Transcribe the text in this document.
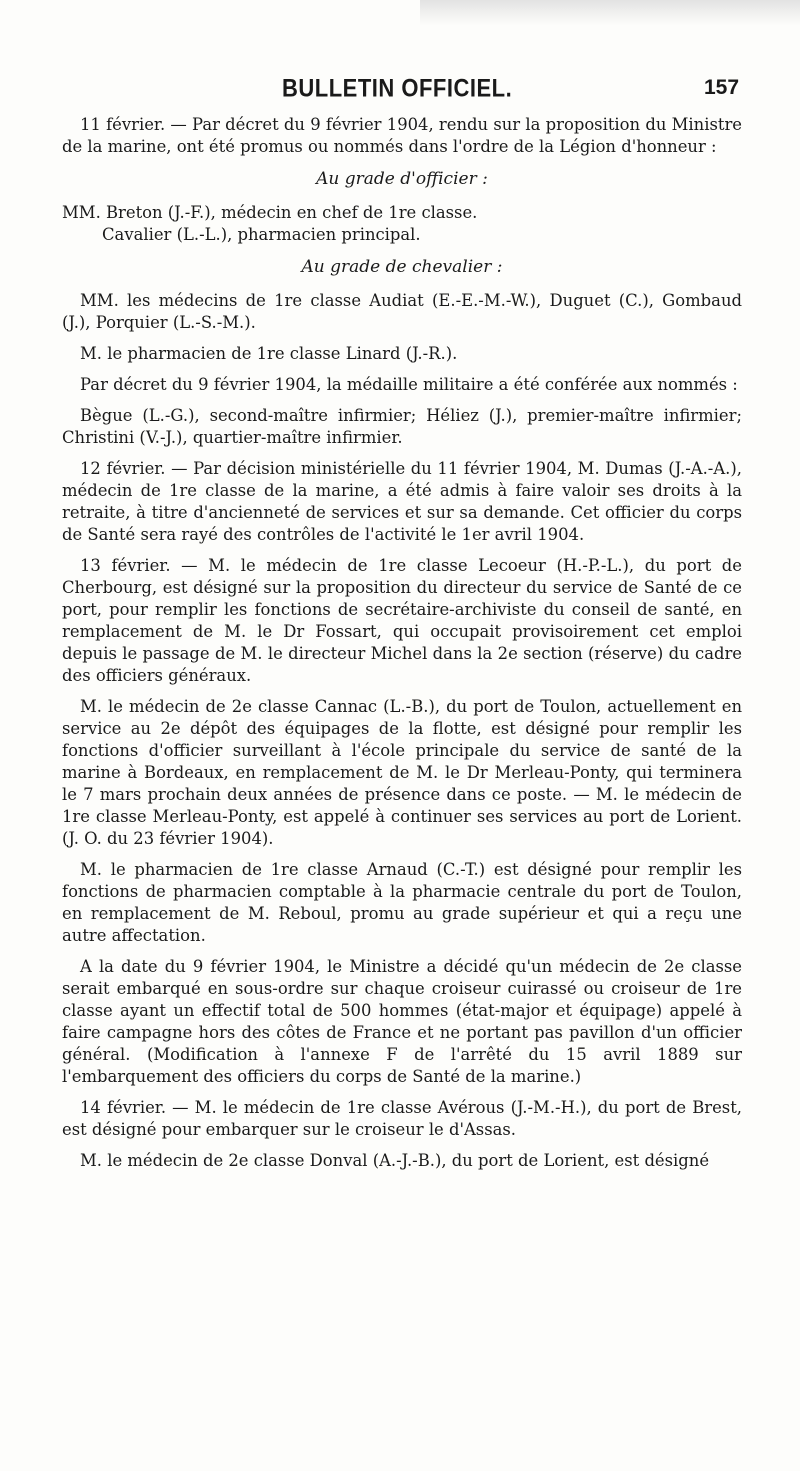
BULLETIN OFFICIEL.	157

11 février. — Par décret du 9 février 1904, rendu sur la proposition du Ministre de la marine, ont été promus ou nommés dans l'ordre de la Légion d'honneur :

Au grade d'officier :

MM. Breton (J.-F.), médecin en chef de 1re classe.

Cavalier (L.-L.), pharmacien principal.

Au grade de chevalier :

MM. les médecins de 1re classe Audiat (E.-E.-M.-W.), Duguet (C.), Gombaud (J.), Porquier (L.-S.-M.).

M. le pharmacien de 1re classe Linard (J.-R.).

Par décret du 9 février 1904, la médaille militaire a été conférée aux nommés :

Bègue (L.-G.), second-maître infirmier; Héliez (J.), premier-maître infirmier; Christini (V.-J.), quartier-maître infirmier.

12 février. — Par décision ministérielle du 11 février 1904, M. Dumas (J.-A.-A.), médecin de 1re classe de la marine, a été admis à faire valoir ses droits à la retraite, à titre d'ancienneté de services et sur sa demande. Cet officier du corps de Santé sera rayé des contrôles de l'activité le 1er avril 1904.

13 février. — M. le médecin de 1re classe Lecoeur (H.-P.-L.), du port de Cherbourg, est désigné sur la proposition du directeur du service de Santé de ce port, pour remplir les fonctions de secrétaire-archiviste du conseil de santé, en remplacement de M. le Dr Fossart, qui occupait provisoirement cet emploi depuis le passage de M. le directeur Michel dans la 2e section (réserve) du cadre des officiers généraux.

M. le médecin de 2e classe Cannac (L.-B.), du port de Toulon, actuellement en service au 2e dépôt des équipages de la flotte, est désigné pour remplir les fonctions d'officier surveillant à l'école principale du service de santé de la marine à Bordeaux, en remplacement de M. le Dr Merleau-Ponty, qui terminera le 7 mars prochain deux années de présence dans ce poste. — M. le médecin de 1re classe Merleau-Ponty, est appelé à continuer ses services au port de Lorient. (J. O. du 23 février 1904).

M. le pharmacien de 1re classe Arnaud (C.-T.) est désigné pour remplir les fonctions de pharmacien comptable à la pharmacie centrale du port de Toulon, en remplacement de M. Reboul, promu au grade supérieur et qui a reçu une autre affectation.

A la date du 9 février 1904, le Ministre a décidé qu'un médecin de 2e classe serait embarqué en sous-ordre sur chaque croiseur cuirassé ou croiseur de 1re classe ayant un effectif total de 500 hommes (état-major et équipage) appelé à faire campagne hors des côtes de France et ne portant pas pavillon d'un officier général. (Modification à l'annexe F de l'arrêté du 15 avril 1889 sur l'embarquement des officiers du corps de Santé de la marine.)

14 février. — M. le médecin de 1re classe Avérous (J.-M.-H.), du port de Brest, est désigné pour embarquer sur le croiseur le d'Assas.

M. le médecin de 2e classe Donval (A.-J.-B.), du port de Lorient, est désigné
